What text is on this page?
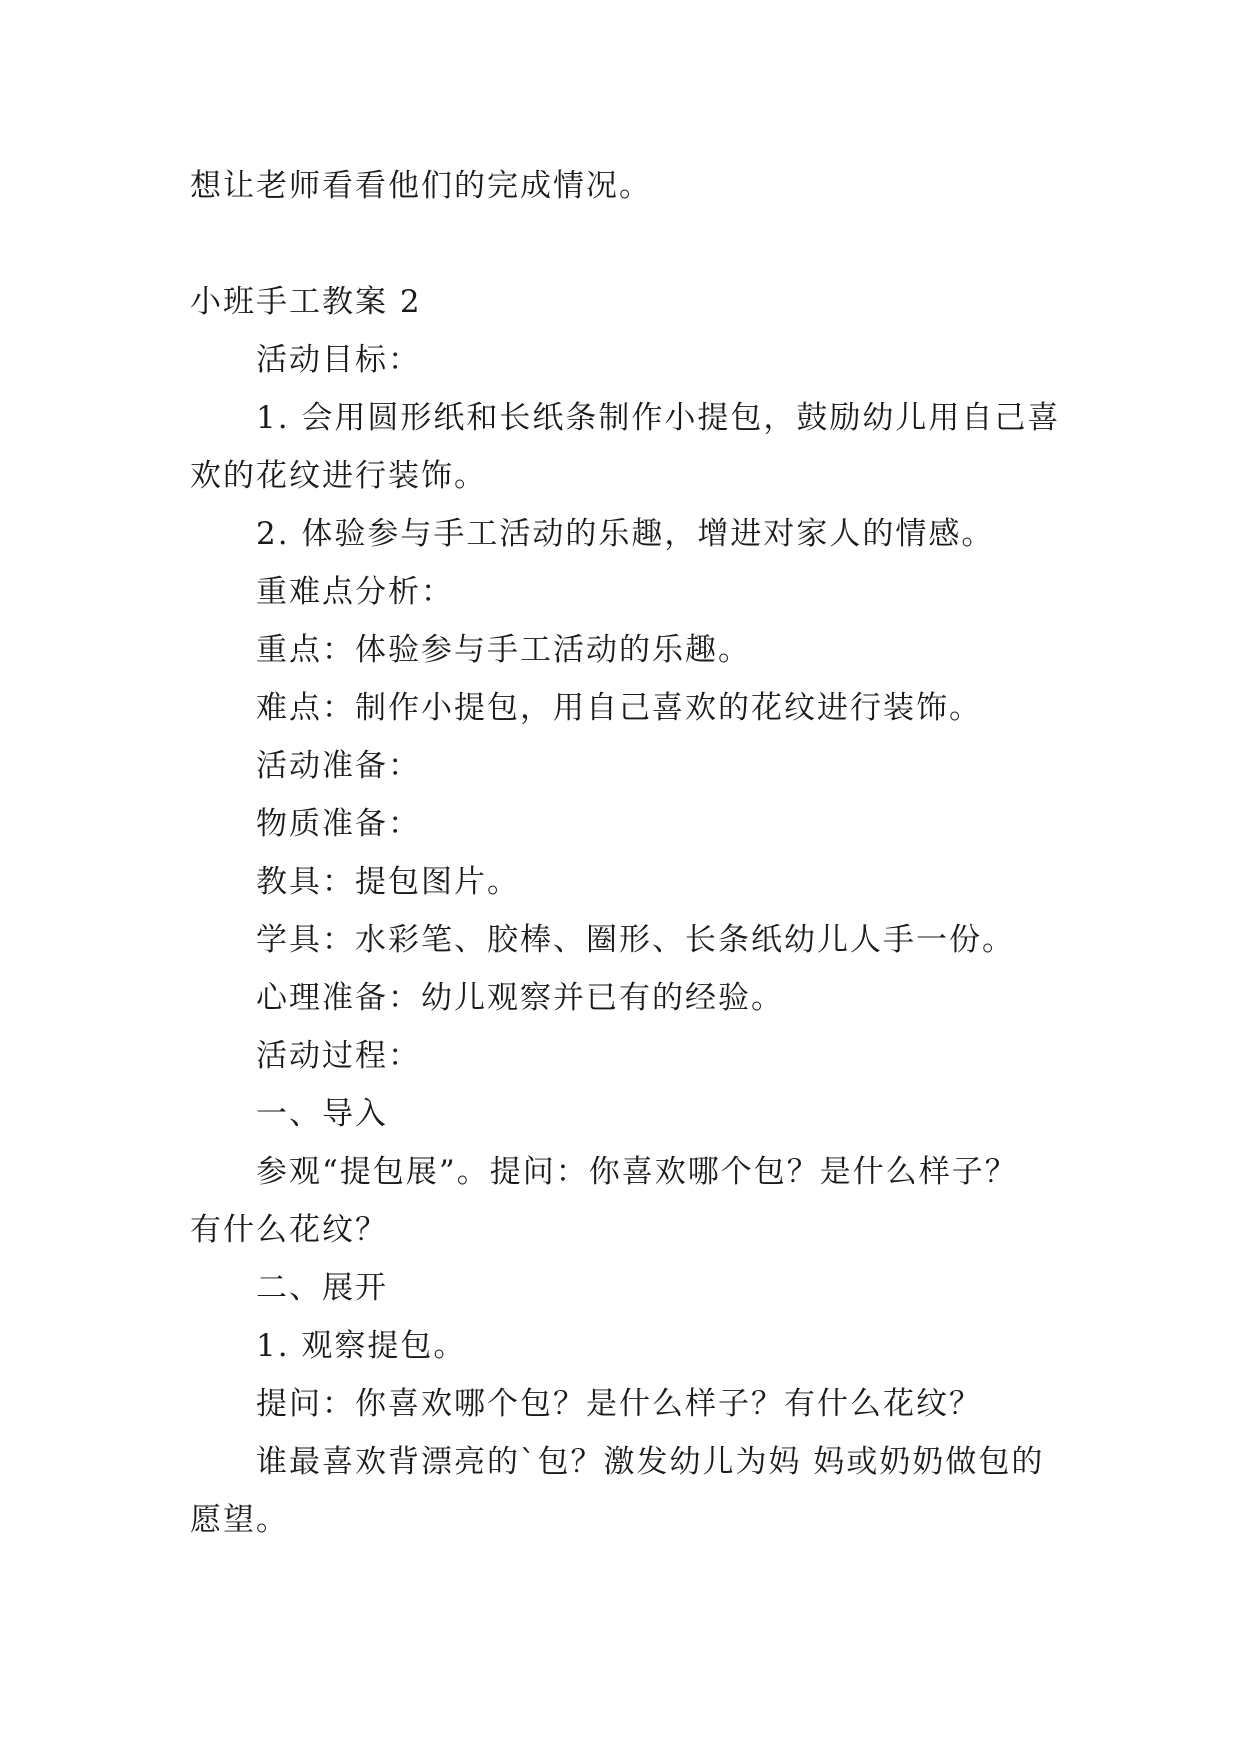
想让老师看看他们的完成情况。
小班手工教案 2
活动目标：
1. 会用圆形纸和长纸条制作小提包，鼓励幼儿用自己喜
欢的花纹进行装饰。
2. 体验参与手工活动的乐趣，增进对家人的情感。
重难点分析：
重点：体验参与手工活动的乐趣。
难点：制作小提包，用自己喜欢的花纹进行装饰。
活动准备：
物质准备：
教具：提包图片。
学具：水彩笔、胶棒、圈形、长条纸幼儿人手一份。
心理准备：幼儿观察并已有的经验。
活动过程：
一、导入
参观“提包展”。提问：你喜欢哪个包？是什么样子？
有什么花纹？
二、展开
1. 观察提包。
提问：你喜欢哪个包？是什么样子？有什么花纹？
谁最喜欢背漂亮的`包？激发幼儿为妈 妈或奶奶做包的
愿望。
